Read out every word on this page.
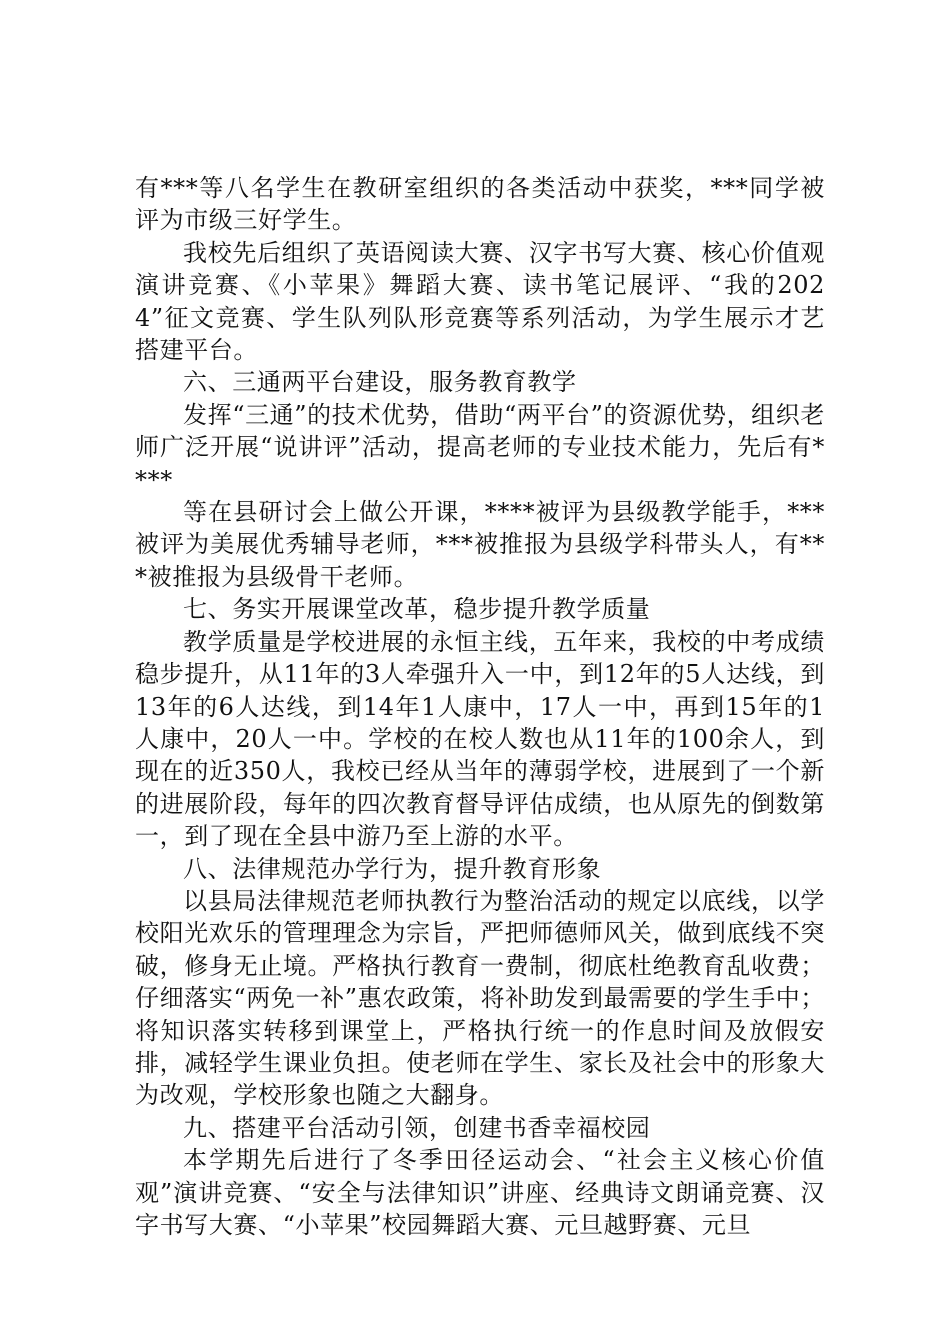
有***等八名学生在教研室组织的各类活动中获奖，***同学被评为市级三好学生。

我校先后组织了英语阅读大赛、汉字书写大赛、核心价值观演讲竞赛、《小苹果》舞蹈大赛、读书笔记展评、“我的2024”征文竞赛、学生队列队形竞赛等系列活动，为学生展示才艺搭建平台。

六、三通两平台建设，服务教育教学

发挥“三通”的技术优势，借助“两平台”的资源优势，组织老师广泛开展“说讲评”活动，提高老师的专业技术能力，先后有****

等在县研讨会上做公开课，****被评为县级教学能手，***被评为美展优秀辅导老师，***被推报为县级学科带头人，有***被推报为县级骨干老师。

七、务实开展课堂改革，稳步提升教学质量

教学质量是学校进展的永恒主线，五年来，我校的中考成绩稳步提升，从11年的3人牵强升入一中，到12年的5人达线，到13年的6人达线，到14年1人康中，17人一中，再到15年的1人康中，20人一中。学校的在校人数也从11年的100余人，到现在的近350人，我校已经从当年的薄弱学校，进展到了一个新的进展阶段，每年的四次教育督导评估成绩，也从原先的倒数第一，到了现在全县中游乃至上游的水平。

八、法律规范办学行为，提升教育形象

以县局法律规范老师执教行为整治活动的规定以底线，以学校阳光欢乐的管理理念为宗旨，严把师德师风关，做到底线不突破，修身无止境。严格执行教育一费制，彻底杜绝教育乱收费；仔细落实“两免一补”惠农政策，将补助发到最需要的学生手中；将知识落实转移到课堂上，严格执行统一的作息时间及放假安排，减轻学生课业负担。使老师在学生、家长及社会中的形象大为改观，学校形象也随之大翻身。

九、搭建平台活动引领，创建书香幸福校园

本学期先后进行了冬季田径运动会、“社会主义核心价值观”演讲竞赛、“安全与法律知识”讲座、经典诗文朗诵竞赛、汉字书写大赛、“小苹果”校园舞蹈大赛、元旦越野赛、元旦
